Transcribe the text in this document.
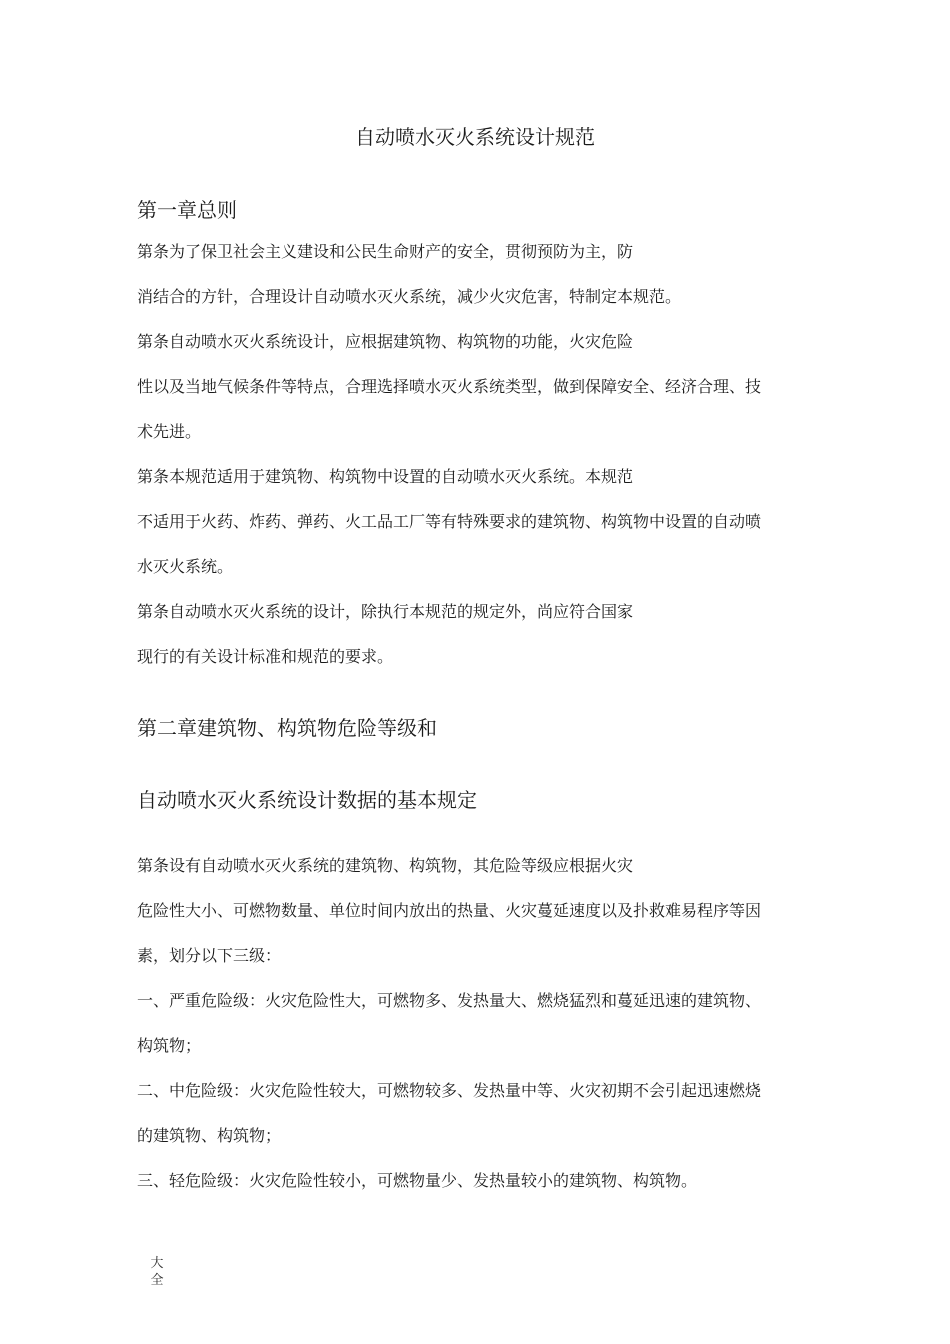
自动喷水灭火系统设计规范
第一章总则
第条为了保卫社会主义建设和公民生命财产的安全，贯彻预防为主，防
消结合的方针，合理设计自动喷水灭火系统，减少火灾危害，特制定本规范。
第条自动喷水灭火系统设计，应根据建筑物、构筑物的功能，火灾危险
性以及当地气候条件等特点，合理选择喷水灭火系统类型，做到保障安全、经济合理、技
术先进。
第条本规范适用于建筑物、构筑物中设置的自动喷水灭火系统。本规范
不适用于火药、炸药、弹药、火工品工厂等有特殊要求的建筑物、构筑物中设置的自动喷
水灭火系统。
第条自动喷水灭火系统的设计，除执行本规范的规定外，尚应符合国家
现行的有关设计标准和规范的要求。
第二章建筑物、构筑物危险等级和
自动喷水灭火系统设计数据的基本规定
第条设有自动喷水灭火系统的建筑物、构筑物，其危险等级应根据火灾
危险性大小、可燃物数量、单位时间内放出的热量、火灾蔓延速度以及扑救难易程序等因
素，划分以下三级：
一、严重危险级：火灾危险性大，可燃物多、发热量大、燃烧猛烈和蔓延迅速的建筑物、
构筑物；
二、中危险级：火灾危险性较大，可燃物较多、发热量中等、火灾初期不会引起迅速燃烧
的建筑物、构筑物；
三、轻危险级：火灾危险性较小，可燃物量少、发热量较小的建筑物、构筑物。
大
全
